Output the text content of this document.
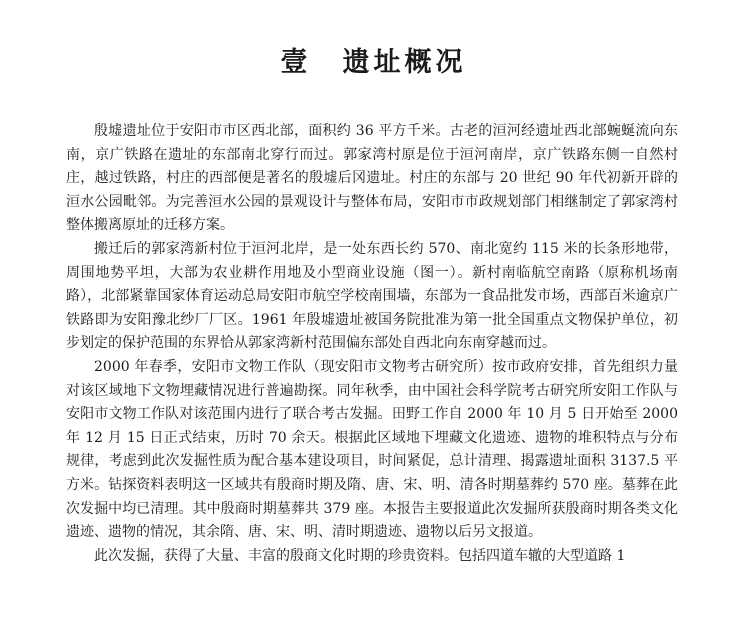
壹　遗址概况

殷墟遗址位于安阳市市区西北部，面积约 36 平方千米。古老的洹河经遗址西北部蜿蜒流向东南，京广铁路在遗址的东部南北穿行而过。郭家湾村原是位于洹河南岸，京广铁路东侧一自然村庄，越过铁路，村庄的西部便是著名的殷墟后冈遗址。村庄的东部与 20 世纪 90 年代初新开辟的洹水公园毗邻。为完善洹水公园的景观设计与整体布局，安阳市市政规划部门相继制定了郭家湾村整体搬离原址的迁移方案。

搬迁后的郭家湾新村位于洹河北岸，是一处东西长约 570、南北宽约 115 米的长条形地带，周围地势平坦，大部为农业耕作用地及小型商业设施（图一）。新村南临航空南路（原称机场南路），北部紧靠国家体育运动总局安阳市航空学校南围墙，东部为一食品批发市场，西部百米逾京广铁路即为安阳豫北纱厂厂区。1961 年殷墟遗址被国务院批准为第一批全国重点文物保护单位，初步划定的保护范围的东界恰从郭家湾新村范围偏东部处自西北向东南穿越而过。

2000 年春季，安阳市文物工作队（现安阳市文物考古研究所）按市政府安排，首先组织力量对该区域地下文物埋藏情况进行普遍勘探。同年秋季，由中国社会科学院考古研究所安阳工作队与安阳市文物工作队对该范围内进行了联合考古发掘。田野工作自 2000 年 10 月 5 日开始至 2000 年 12 月 15 日正式结束，历时 70 余天。根据此区域地下埋藏文化遗迹、遗物的堆积特点与分布规律，考虑到此次发掘性质为配合基本建设项目，时间紧促，总计清理、揭露遗址面积 3137.5 平方米。钻探资料表明这一区域共有殷商时期及隋、唐、宋、明、清各时期墓葬约 570 座。墓葬在此次发掘中均已清理。其中殷商时期墓葬共 379 座。本报告主要报道此次发掘所获殷商时期各类文化遗迹、遗物的情况，其余隋、唐、宋、明、清时期遗迹、遗物以后另文报道。

此次发掘，获得了大量、丰富的殷商文化时期的珍贵资料。包括四道车辙的大型道路 1
